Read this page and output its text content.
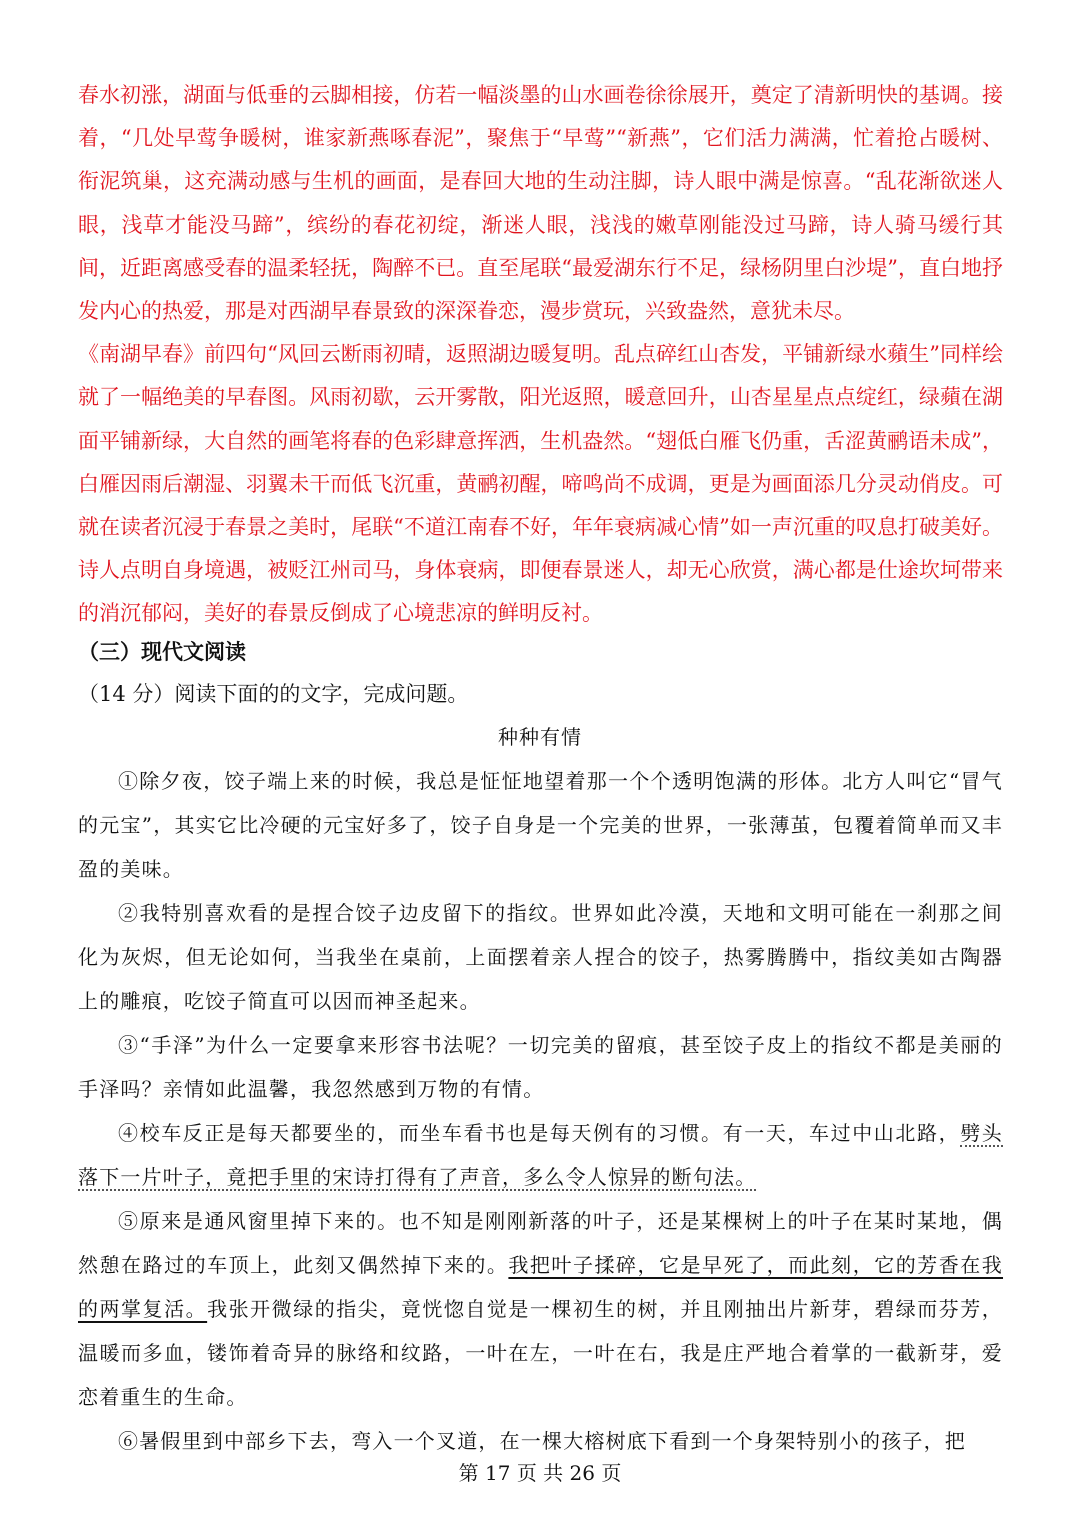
春水初涨，湖面与低垂的云脚相接，仿若一幅淡墨的山水画卷徐徐展开，奠定了清新明快的基调。接着，“几处早莺争暖树，谁家新燕啄春泥”，聚焦于“早莺”“新燕”，它们活力满满，忙着抢占暖树、衔泥筑巢，这充满动感与生机的画面，是春回大地的生动注脚，诗人眼中满是惊喜。“乱花渐欲迷人眼，浅草才能没马蹄”，缤纷的春花初绽，渐迷人眼，浅浅的嫩草刚能没过马蹄，诗人骑马缓行其间，近距离感受春的温柔轻抚，陶醉不已。直至尾联“最爱湖东行不足，绿杨阴里白沙堤”，直白地抒发内心的热爱，那是对西湖早春景致的深深眷恋，漫步赏玩，兴致盎然，意犹未尽。

《南湖早春》前四句“风回云断雨初晴，返照湖边暖复明。乱点碎红山杏发，平铺新绿水蘋生”同样绘就了一幅绝美的早春图。风雨初歇，云开雾散，阳光返照，暖意回升，山杏星星点点绽红，绿蘋在湖面平铺新绿，大自然的画笔将春的色彩肆意挥洒，生机盎然。“翅低白雁飞仍重，舌涩黄鹂语未成”，白雁因雨后潮湿、羽翼未干而低飞沉重，黄鹂初醒，啼鸣尚不成调，更是为画面添几分灵动俏皮。可就在读者沉浸于春景之美时，尾联“不道江南春不好，年年衰病减心情”如一声沉重的叹息打破美好。诗人点明自身境遇，被贬江州司马，身体衰病，即便春景迷人，却无心欣赏，满心都是仕途坎坷带来的消沉郁闷，美好的春景反倒成了心境悲凉的鲜明反衬。

（三）现代文阅读
（14 分）阅读下面的的文字，完成问题。
种种有情

①除夕夜，饺子端上来的时候，我总是怔怔地望着那一个个透明饱满的形体。北方人叫它“冒气的元宝”，其实它比冷硬的元宝好多了，饺子自身是一个完美的世界，一张薄茧，包覆着简单而又丰盈的美味。

②我特别喜欢看的是捏合饺子边皮留下的指纹。世界如此冷漠，天地和文明可能在一刹那之间化为灰烬，但无论如何，当我坐在桌前，上面摆着亲人捏合的饺子，热雾腾腾中，指纹美如古陶器上的雕痕，吃饺子简直可以因而神圣起来。

③“手泽”为什么一定要拿来形容书法呢？一切完美的留痕，甚至饺子皮上的指纹不都是美丽的手泽吗？亲情如此温馨，我忽然感到万物的有情。

④校车反正是每天都要坐的，而坐车看书也是每天例有的习惯。有一天，车过中山北路，劈头落下一片叶子，竟把手里的宋诗打得有了声音，多么令人惊异的断句法。

⑤原来是通风窗里掉下来的。也不知是刚刚新落的叶子，还是某棵树上的叶子在某时某地，偶然憩在路过的车顶上，此刻又偶然掉下来的。我把叶子揉碎，它是早死了，而此刻，它的芳香在我的两掌复活。我张开微绿的指尖，竟恍惚自觉是一棵初生的树，并且刚抽出片新芽，碧绿而芬芳，温暖而多血，镂饰着奇异的脉络和纹路，一叶在左，一叶在右，我是庄严地合着掌的一截新芽，爱恋着重生的生命。

⑥暑假里到中部乡下去，弯入一个叉道，在一棵大榕树底下看到一个身架特别小的孩子，把

第 17 页 共 26 页
